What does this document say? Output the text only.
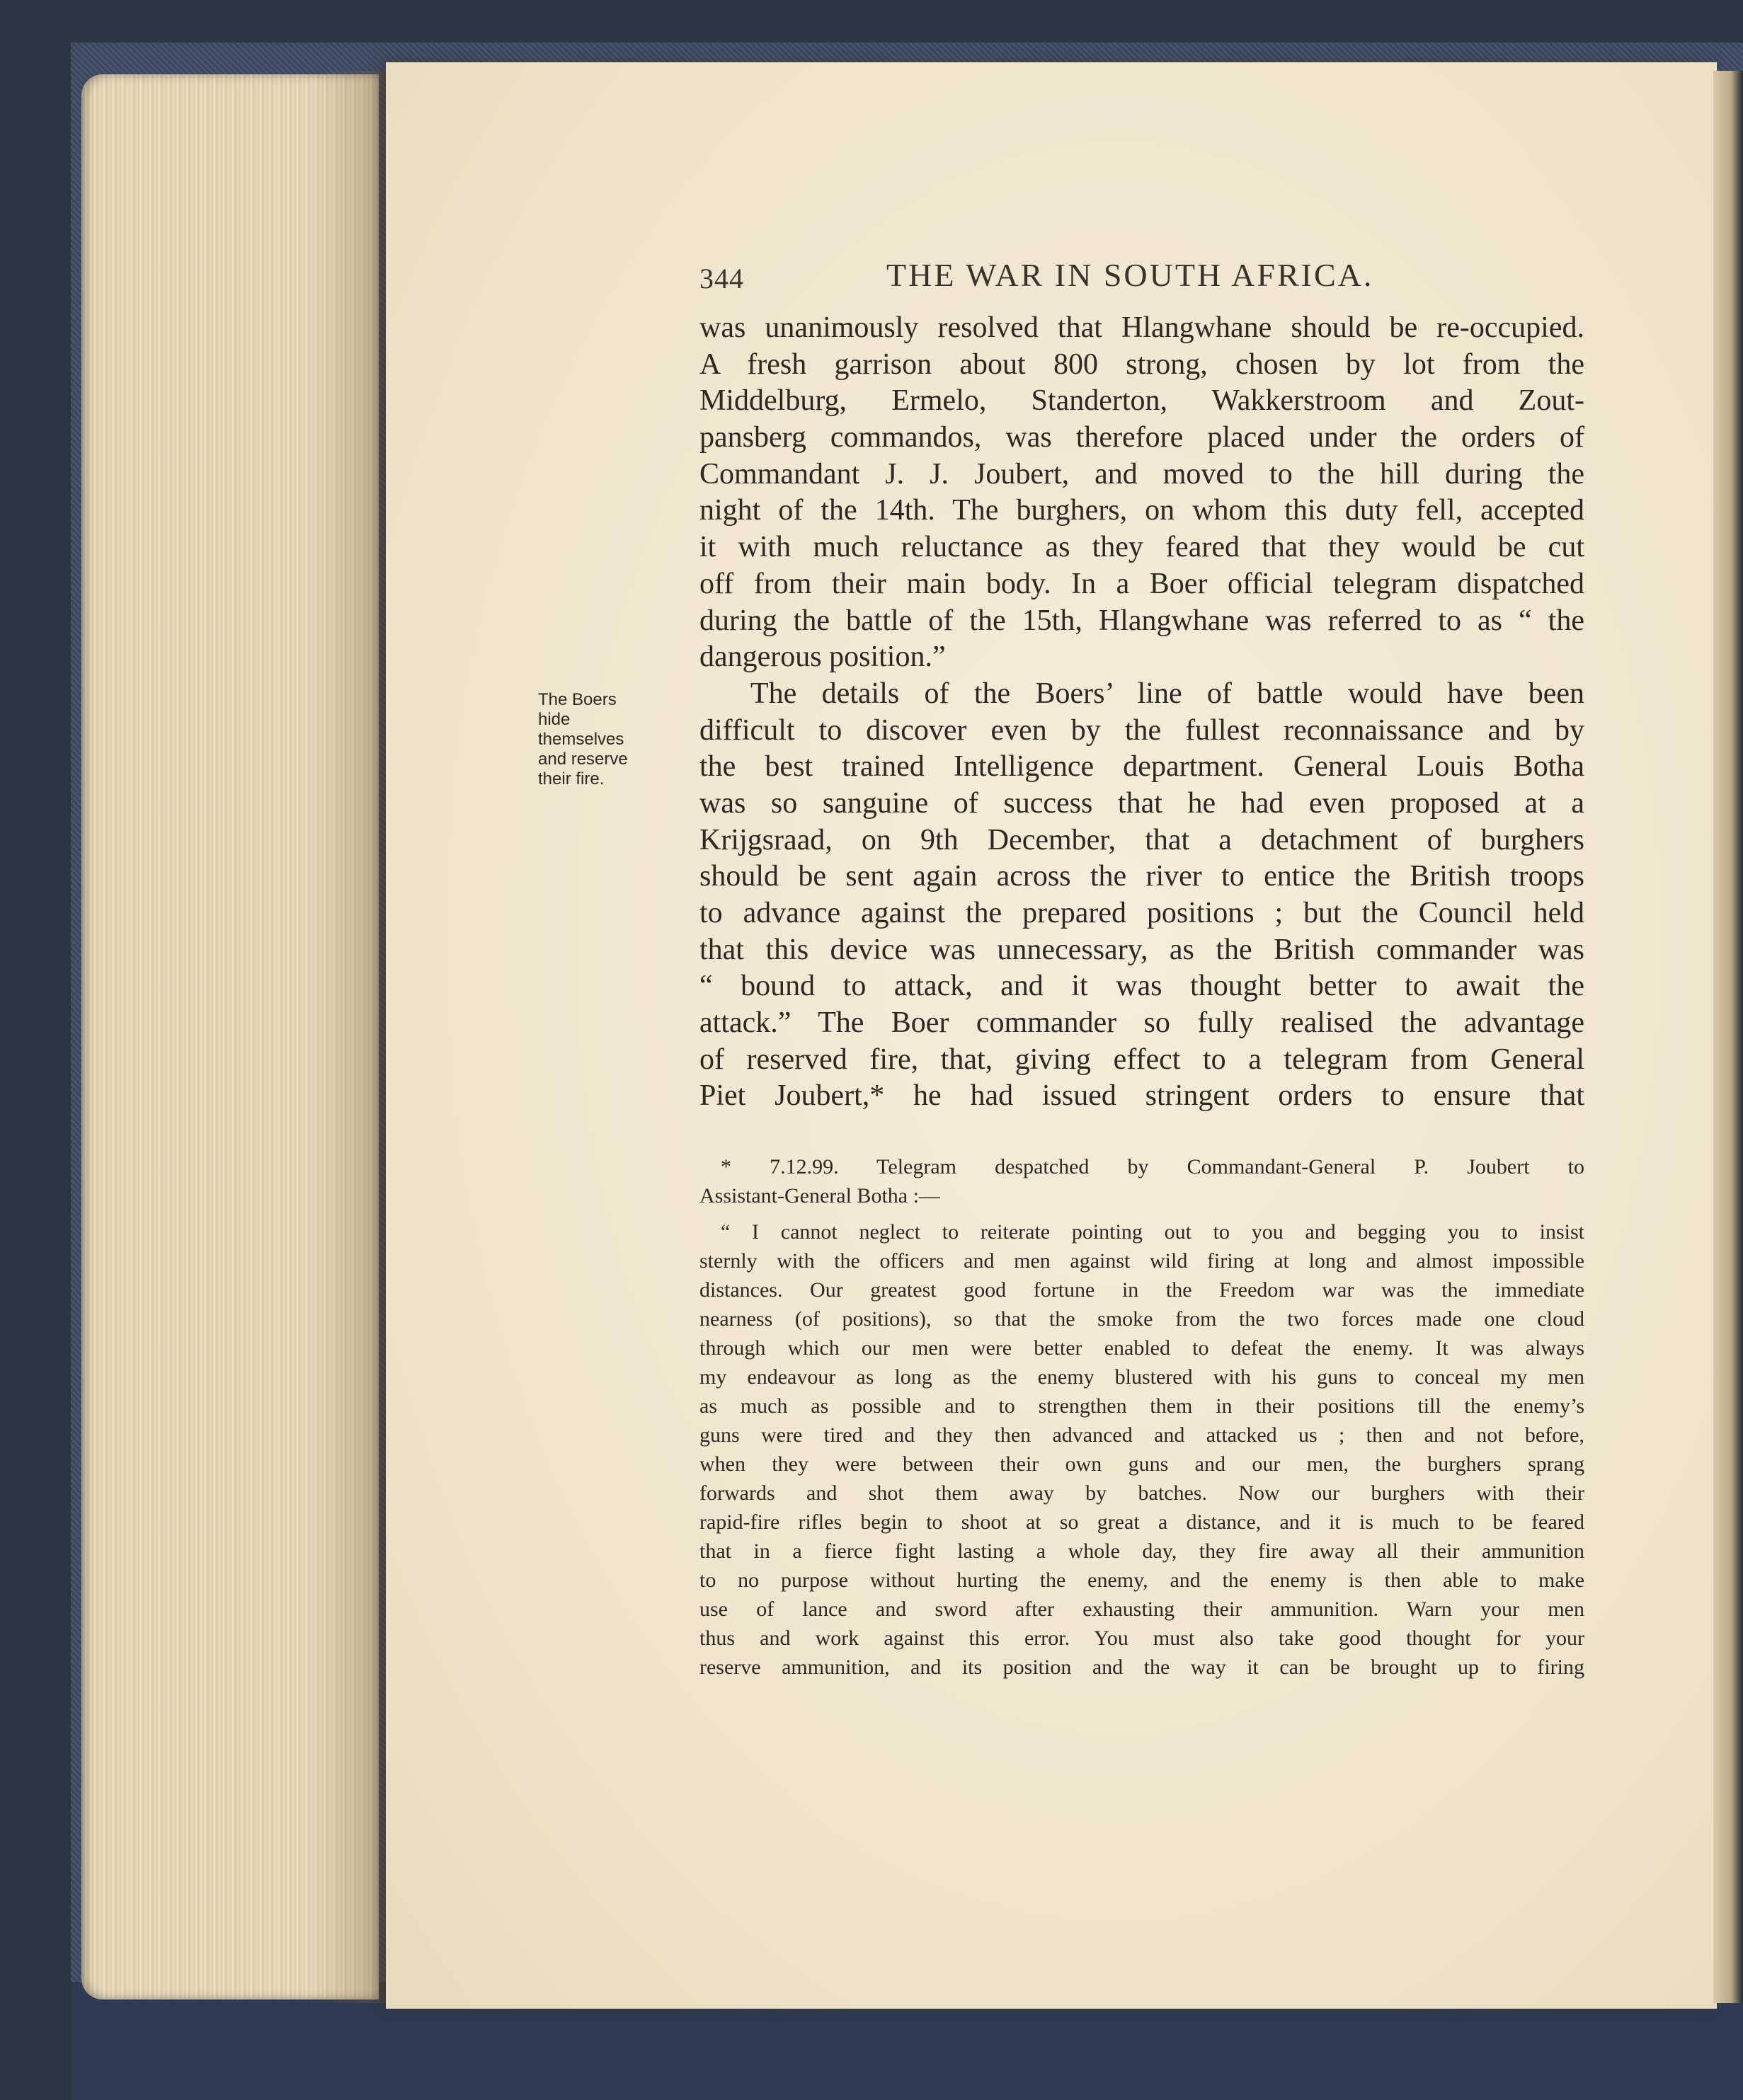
344	THE WAR IN SOUTH AFRICA.
The Boers
hide
themselves
and reserve
their fire.
was unanimously resolved that Hlangwhane should be re-occupied.
A fresh garrison about 800 strong, chosen by lot from the
Middelburg, Ermelo, Standerton, Wakkerstroom and Zout-
pansberg commandos, was therefore placed under the orders of
Commandant J. J. Joubert, and moved to the hill during the
night of the 14th. The burghers, on whom this duty fell, accepted
it with much reluctance as they feared that they would be cut
off from their main body. In a Boer official telegram dispatched
during the battle of the 15th, Hlangwhane was referred to as “ the
dangerous position.”
The details of the Boers’ line of battle would have been
difficult to discover even by the fullest reconnaissance and by
the best trained Intelligence department. General Louis Botha
was so sanguine of success that he had even proposed at a
Krijgsraad, on 9th December, that a detachment of burghers
should be sent again across the river to entice the British troops
to advance against the prepared positions ; but the Council held
that this device was unnecessary, as the British commander was
“ bound to attack, and it was thought better to await the
attack.” The Boer commander so fully realised the advantage
of reserved fire, that, giving effect to a telegram from General
Piet Joubert,* he had issued stringent orders to ensure that
* 7.12.99. Telegram despatched by Commandant-General P. Joubert to
Assistant-General Botha :—
“ I cannot neglect to reiterate pointing out to you and begging you to insist
sternly with the officers and men against wild firing at long and almost impossible
distances. Our greatest good fortune in the Freedom war was the immediate
nearness (of positions), so that the smoke from the two forces made one cloud
through which our men were better enabled to defeat the enemy. It was always
my endeavour as long as the enemy blustered with his guns to conceal my men
as much as possible and to strengthen them in their positions till the enemy’s
guns were tired and they then advanced and attacked us ; then and not before,
when they were between their own guns and our men, the burghers sprang
forwards and shot them away by batches. Now our burghers with their
rapid-fire rifles begin to shoot at so great a distance, and it is much to be feared
that in a fierce fight lasting a whole day, they fire away all their ammunition
to no purpose without hurting the enemy, and the enemy is then able to make
use of lance and sword after exhausting their ammunition. Warn your men
thus and work against this error. You must also take good thought for your
reserve ammunition, and its position and the way it can be brought up to firing
